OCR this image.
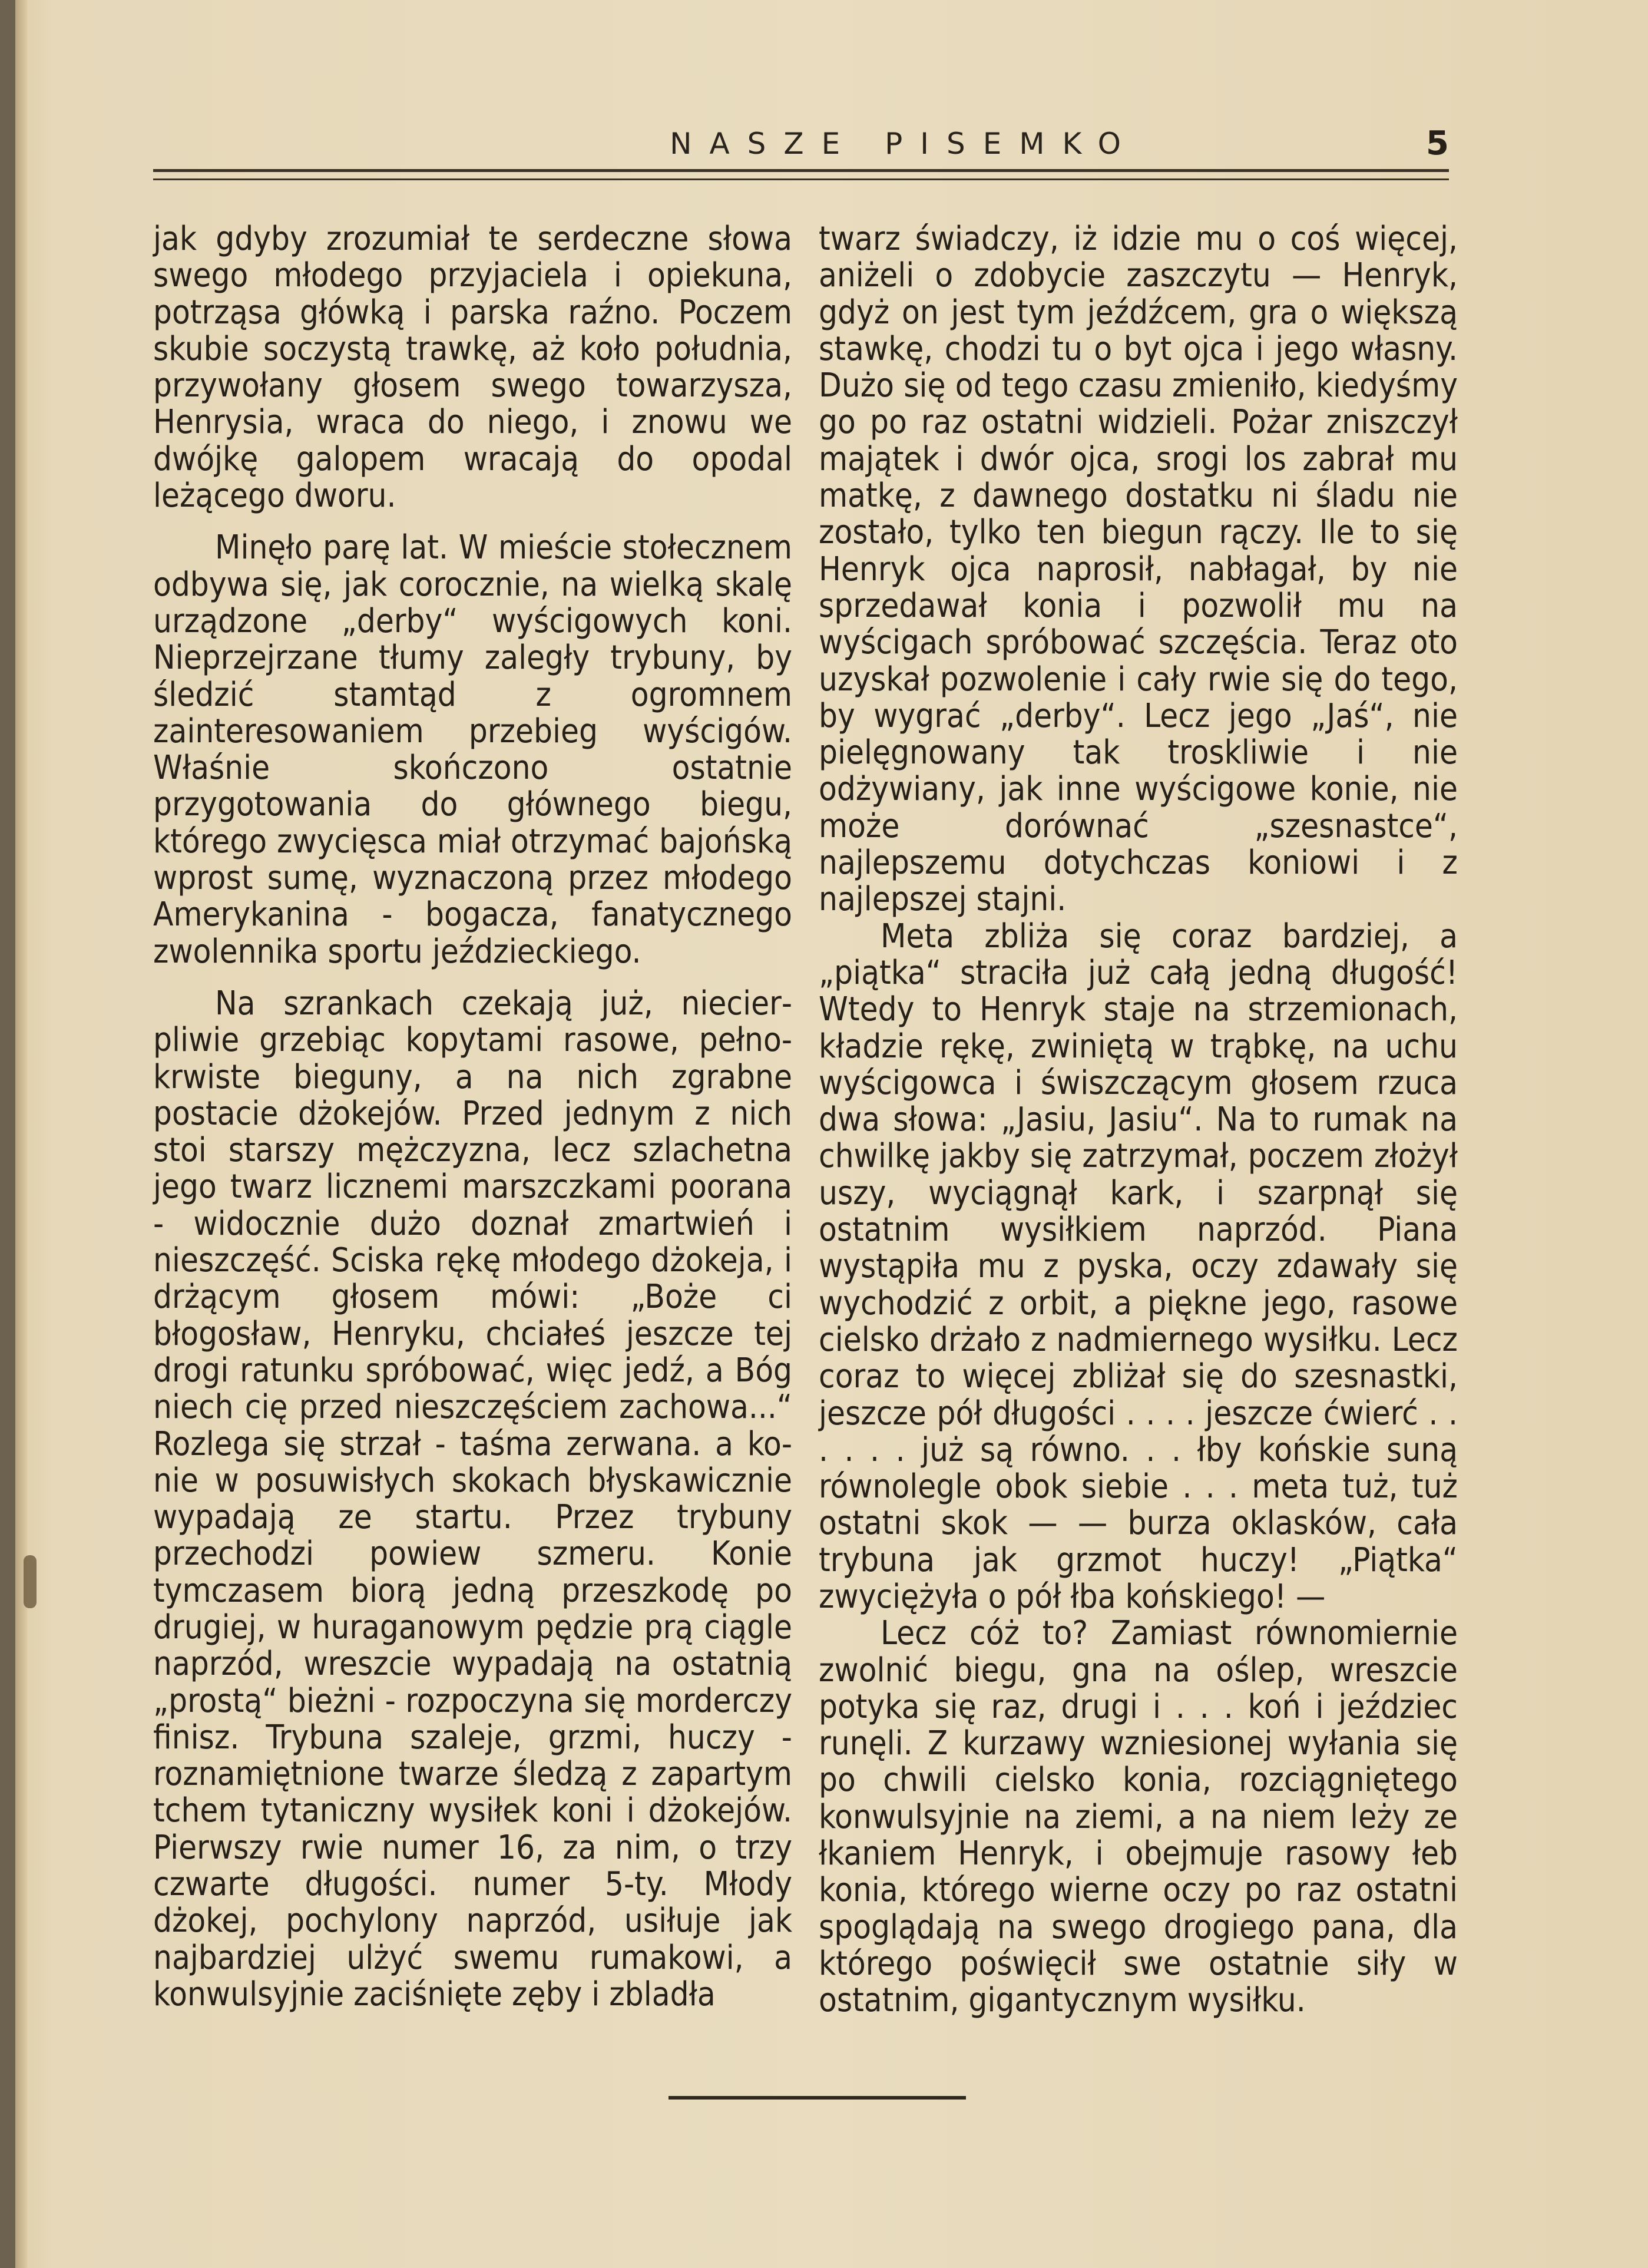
NASZE PISEMKO	5

jak gdyby zrozumiał te serdeczne słowa swego młodego przyjaciela i opiekuna, potrząsa główką i parska raźno. Poczem skubie soczystą trawkę, aż koło południa, przywołany głosem swego towarzysza, Henrysia, wraca do niego, i znowu we dwójkę galopem wracają do opodal leżącego dworu.

Minęło parę lat. W mieście stołecznem odbywa się, jak corocznie, na wielką skalę urządzone „derby“ wyścigowych koni. Nieprzejrzane tłumy zaległy trybuny, by śledzić stamtąd z ogromnem zainteresowaniem przebieg wyścigów. Właśnie skończono ostatnie przygotowania do głównego biegu, którego zwycięsca miał otrzymać bajońską wprost sumę, wyznaczoną przez młodego Amerykanina - bogacza, fanatycznego zwolennika sportu jeździeckiego.

Na szrankach czekają już, niecierpliwie grzebiąc kopytami rasowe, pełnokrwiste bieguny, a na nich zgrabne postacie dżokejów. Przed jednym z nich stoi starszy mężczyzna, lecz szlachetna jego twarz licznemi marszczkami poorana - widocznie dużo doznał zmartwień i nieszczęść. Sciska rękę młodego dżokeja, i drżącym głosem mówi: „Boże ci błogosław, Henryku, chciałeś jeszcze tej drogi ratunku spróbować, więc jedź, a Bóg niech cię przed nieszczęściem zachowa...“ Rozlega się strzał - taśma zerwana. a konie w posuwisłych skokach błyskawicznie wypadają ze startu. Przez trybuny przechodzi powiew szmeru. Konie tymczasem biorą jedną przeszkodę po drugiej, w huraganowym pędzie prą ciągle naprzód, wreszcie wypadają na ostatnią „prostą“ bieżni - rozpoczyna się morderczy finisz. Trybuna szaleje, grzmi, huczy - roznamiętnione twarze śledzą z zapartym tchem tytaniczny wysiłek koni i dżokejów. Pierwszy rwie numer 16, za nim, o trzy czwarte długości. numer 5-ty. Młody dżokej, pochylony naprzód, usiłuje jak najbardziej ulżyć swemu rumakowi, a konwulsyjnie zaciśnięte zęby i zbladła

twarz świadczy, iż idzie mu o coś więcej, aniżeli o zdobycie zaszczytu — Henryk, gdyż on jest tym jeźdźcem, gra o większą stawkę, chodzi tu o byt ojca i jego własny. Dużo się od tego czasu zmieniło, kiedyśmy go po raz ostatni widzieli. Pożar zniszczył majątek i dwór ojca, srogi los zabrał mu matkę, z dawnego dostatku ni śladu nie zostało, tylko ten biegun rączy. Ile to się Henryk ojca naprosił, nabłagał, by nie sprzedawał konia i pozwolił mu na wyścigach spróbować szczęścia. Teraz oto uzyskał pozwolenie i cały rwie się do tego, by wygrać „derby“. Lecz jego „Jaś“, nie pielęgnowany tak troskliwie i nie odżywiany, jak inne wyścigowe konie, nie może dorównać „szesnastce“, najlepszemu dotychczas koniowi i z najlepszej stajni.

Meta zbliża się coraz bardziej, a „piątka“ straciła już całą jedną długość! Wtedy to Henryk staje na strzemionach, kładzie rękę, zwiniętą w trąbkę, na uchu wyścigowca i świszczącym głosem rzuca dwa słowa: „Jasiu, Jasiu“. Na to rumak na chwilkę jakby się zatrzymał, poczem złożył uszy, wyciągnął kark, i szarpnął się ostatnim wysiłkiem naprzód. Piana wystąpiła mu z pyska, oczy zdawały się wychodzić z orbit, a piękne jego, rasowe cielsko drżało z nadmiernego wysiłku. Lecz coraz to więcej zbliżał się do szesnastki, jeszcze pół długości . . . . jeszcze ćwierć . . . . . . już są równo. . . łby końskie suną równolegle obok siebie . . . meta tuż, tuż ostatni skok — — burza oklasków, cała trybuna jak grzmot huczy! „Piątka“ zwyciężyła o pół łba końskiego! —

Lecz cóż to? Zamiast równomiernie zwolnić biegu, gna na oślep, wreszcie potyka się raz, drugi i . . . koń i jeździec runęli. Z kurzawy wzniesionej wyłania się po chwili cielsko konia, rozciągniętego konwulsyjnie na ziemi, a na niem leży ze łkaniem Henryk, i obejmuje rasowy łeb konia, którego wierne oczy po raz ostatni spoglądają na swego drogiego pana, dla którego poświęcił swe ostatnie siły w ostatnim, gigantycznym wysiłku.
